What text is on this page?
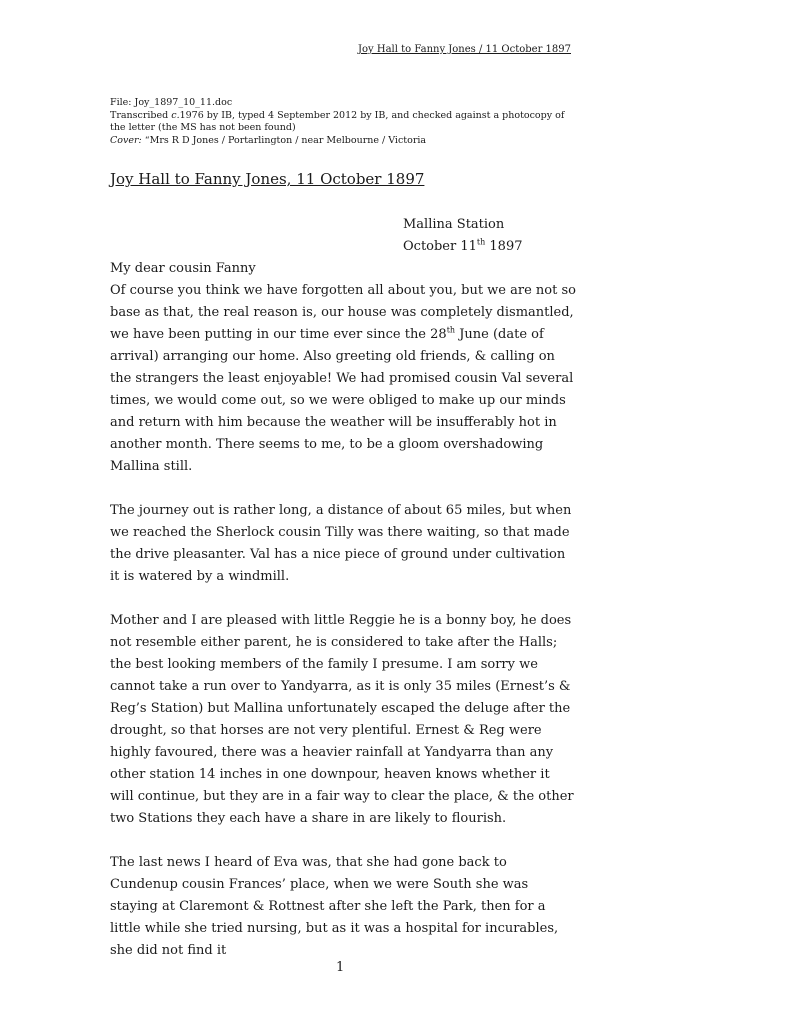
Joy Hall to Fanny Jones / 11 October 1897
File: Joy_1897_10_11.doc
Transcribed c.1976 by IB, typed 4 September 2012 by IB, and checked against a photocopy of the letter (the MS has not been found)
Cover: “Mrs R D Jones / Portarlington / near Melbourne / Victoria
Joy Hall to Fanny Jones, 11 October 1897
Mallina Station
October 11th 1897

My dear cousin Fanny

Of course you think we have forgotten all about you, but we are not so base as that, the real reason is, our house was completely dismantled, we have been putting in our time ever since the 28th June (date of arrival) arranging our home. Also greeting old friends, & calling on the strangers the least enjoyable! We had promised cousin Val several times, we would come out, so we were obliged to make up our minds and return with him because the weather will be insufferably hot in another month. There seems to me, to be a gloom overshadowing Mallina still.

The journey out is rather long, a distance of about 65 miles, but when we reached the Sherlock cousin Tilly was there waiting, so that made the drive pleasanter. Val has a nice piece of ground under cultivation it is watered by a windmill.

Mother and I are pleased with little Reggie he is a bonny boy, he does not resemble either parent, he is considered to take after the Halls; the best looking members of the family I presume. I am sorry we cannot take a run over to Yandyarra, as it is only 35 miles (Ernest’s & Reg’s Station) but Mallina unfortunately escaped the deluge after the drought, so that horses are not very plentiful. Ernest & Reg were highly favoured, there was a heavier rainfall at Yandyarra than any other station 14 inches in one downpour, heaven knows whether it will continue, but they are in a fair way to clear the place, & the other two Stations they each have a share in are likely to flourish.

The last news I heard of Eva was, that she had gone back to Cundenup cousin Frances’ place, when we were South she was staying at Claremont & Rottnest after she left the Park, then for a little while she tried nursing, but as it was a hospital for incurables, she did not find it

1
